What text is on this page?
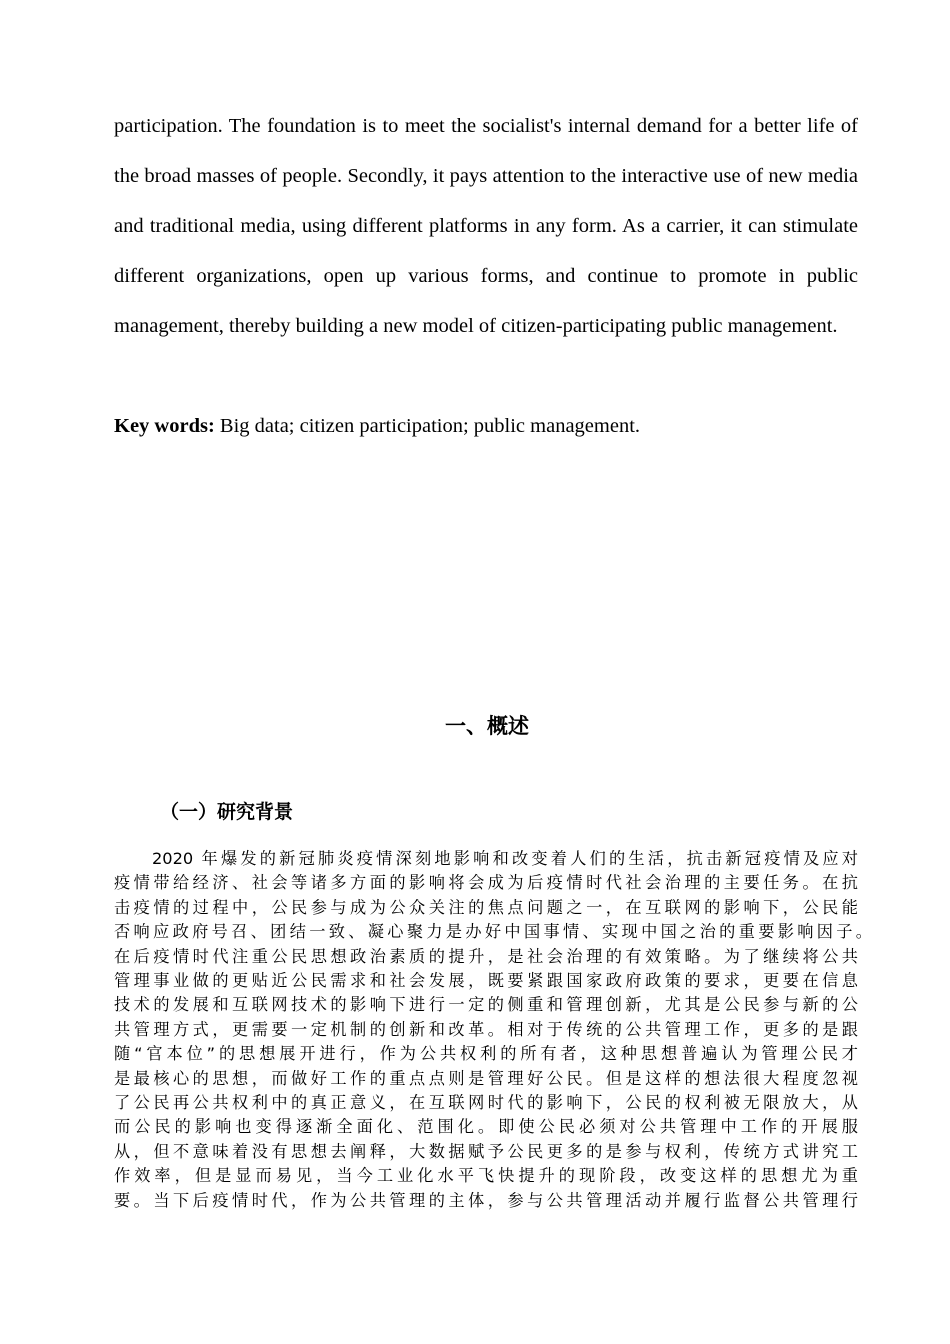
participation. The foundation is to meet the socialist's internal demand for a better life of the broad masses of people. Secondly, it pays attention to the interactive use of new media and traditional media, using different platforms in any form. As a carrier, it can stimulate different organizations, open up various forms, and continue to promote in public management, thereby building a new model of citizen-participating public management.

Key words: Big data; citizen participation; public management.

一、概述
（一）研究背景
2020 年爆发的新冠肺炎疫情深刻地影响和改变着人们的生活，抗击新冠疫情及应对
疫情带给经济、社会等诸多方面的影响将会成为后疫情时代社会治理的主要任务。在抗
击疫情的过程中，公民参与成为公众关注的焦点问题之一，在互联网的影响下，公民能
否响应政府号召、团结一致、凝心聚力是办好中国事情、实现中国之治的重要影响因子。
在后疫情时代注重公民思想政治素质的提升，是社会治理的有效策略。为了继续将公共
管理事业做的更贴近公民需求和社会发展，既要紧跟国家政府政策的要求，更要在信息
技术的发展和互联网技术的影响下进行一定的侧重和管理创新，尤其是公民参与新的公
共管理方式，更需要一定机制的创新和改革。相对于传统的公共管理工作，更多的是跟
随“官本位”的思想展开进行，作为公共权利的所有者，这种思想普遍认为管理公民才
是最核心的思想，而做好工作的重点点则是管理好公民。但是这样的想法很大程度忽视
了公民再公共权利中的真正意义，在互联网时代的影响下，公民的权利被无限放大，从
而公民的影响也变得逐渐全面化、范围化。即使公民必须对公共管理中工作的开展服
从，但不意味着没有思想去阐释，大数据赋予公民更多的是参与权利，传统方式讲究工
作效率，但是显而易见，当今工业化水平飞快提升的现阶段，改变这样的思想尤为重
要。当下后疫情时代，作为公共管理的主体，参与公共管理活动并履行监督公共管理行
